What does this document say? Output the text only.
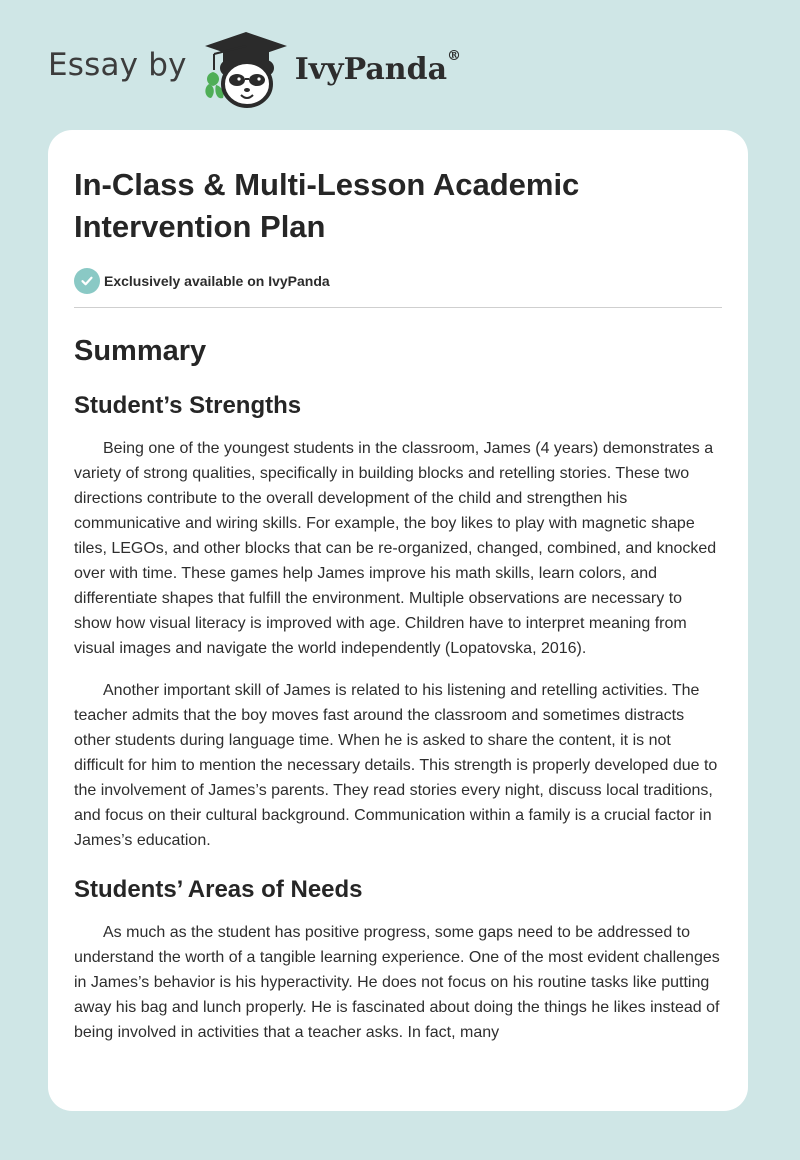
Essay by	IvyPanda®
In-Class & Multi-Lesson Academic Intervention Plan
Exclusively available on IvyPanda
Summary
Student’s Strengths

Being one of the youngest students in the classroom, James (4 years) demonstrates a variety of strong qualities, specifically in building blocks and retelling stories. These two directions contribute to the overall development of the child and strengthen his communicative and wiring skills. For example, the boy likes to play with magnetic shape tiles, LEGOs, and other blocks that can be re-organized, changed, combined, and knocked over with time. These games help James improve his math skills, learn colors, and differentiate shapes that fulfill the environment. Multiple observations are necessary to show how visual literacy is improved with age. Children have to interpret meaning from visual images and navigate the world independently (Lopatovska, 2016).

Another important skill of James is related to his listening and retelling activities. The teacher admits that the boy moves fast around the classroom and sometimes distracts other students during language time. When he is asked to share the content, it is not difficult for him to mention the necessary details. This strength is properly developed due to the involvement of James’s parents. They read stories every night, discuss local traditions, and focus on their cultural background. Communication within a family is a crucial factor in James’s education.

Students’ Areas of Needs

As much as the student has positive progress, some gaps need to be addressed to understand the worth of a tangible learning experience. One of the most evident challenges in James’s behavior is his hyperactivity. He does not focus on his routine tasks like putting away his bag and lunch properly. He is fascinated about doing the things he likes instead of being involved in activities that a teacher asks. In fact, many
